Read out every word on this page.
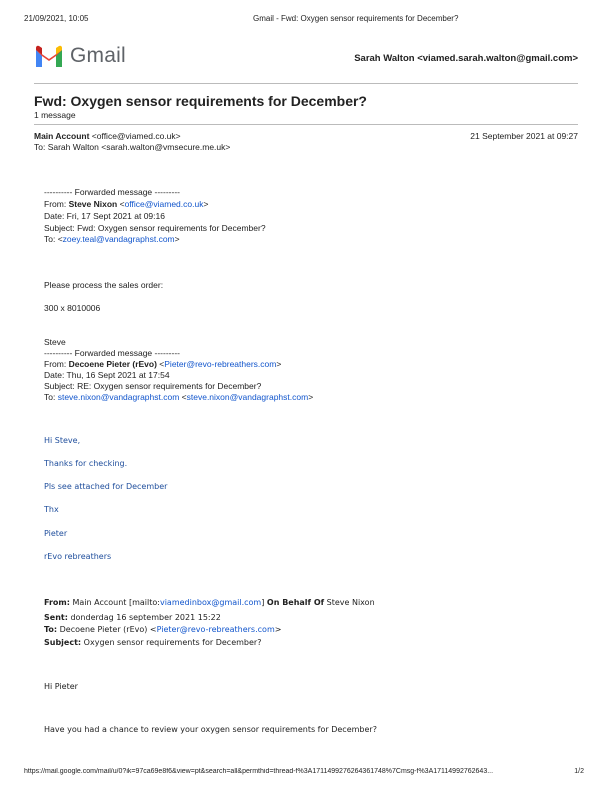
21/09/2021, 10:05	Gmail - Fwd: Oxygen sensor requirements for December?
Gmail	Sarah Walton <viamed.sarah.walton@gmail.com>
Fwd: Oxygen sensor requirements for December?
1 message
Main Account <office@viamed.co.uk>	21 September 2021 at 09:27
To: Sarah Walton <sarah.walton@vmsecure.me.uk>
---------- Forwarded message ---------
From: Steve Nixon <office@viamed.co.uk>
Date: Fri, 17 Sept 2021 at 09:16
Subject: Fwd: Oxygen sensor requirements for December?
To: <zoey.teal@vandagraphst.com>
Please process the sales order:
300 x 8010006
Steve
---------- Forwarded message ---------
From: Decoene Pieter (rEvo) <Pieter@revo-rebreathers.com>
Date: Thu, 16 Sept 2021 at 17:54
Subject: RE: Oxygen sensor requirements for December?
To: steve.nixon@vandagraphst.com <steve.nixon@vandagraphst.com>
Hi Steve,
Thanks for checking.
Pls see attached for December
Thx
Pieter
rEvo rebreathers
From: Main Account [mailto:viamedinbox@gmail.com] On Behalf Of Steve Nixon
Sent: donderdag 16 september 2021 15:22
To: Decoene Pieter (rEvo) <Pieter@revo-rebreathers.com>
Subject: Oxygen sensor requirements for December?
Hi Pieter
Have you had a chance to review your oxygen sensor requirements for December?
https://mail.google.com/mail/u/0?ik=97ca69e8f6&view=pt&search=all&permthid=thread-f%3A1711499276264361748%7Cmsg-f%3A17114992762643...	1/2
